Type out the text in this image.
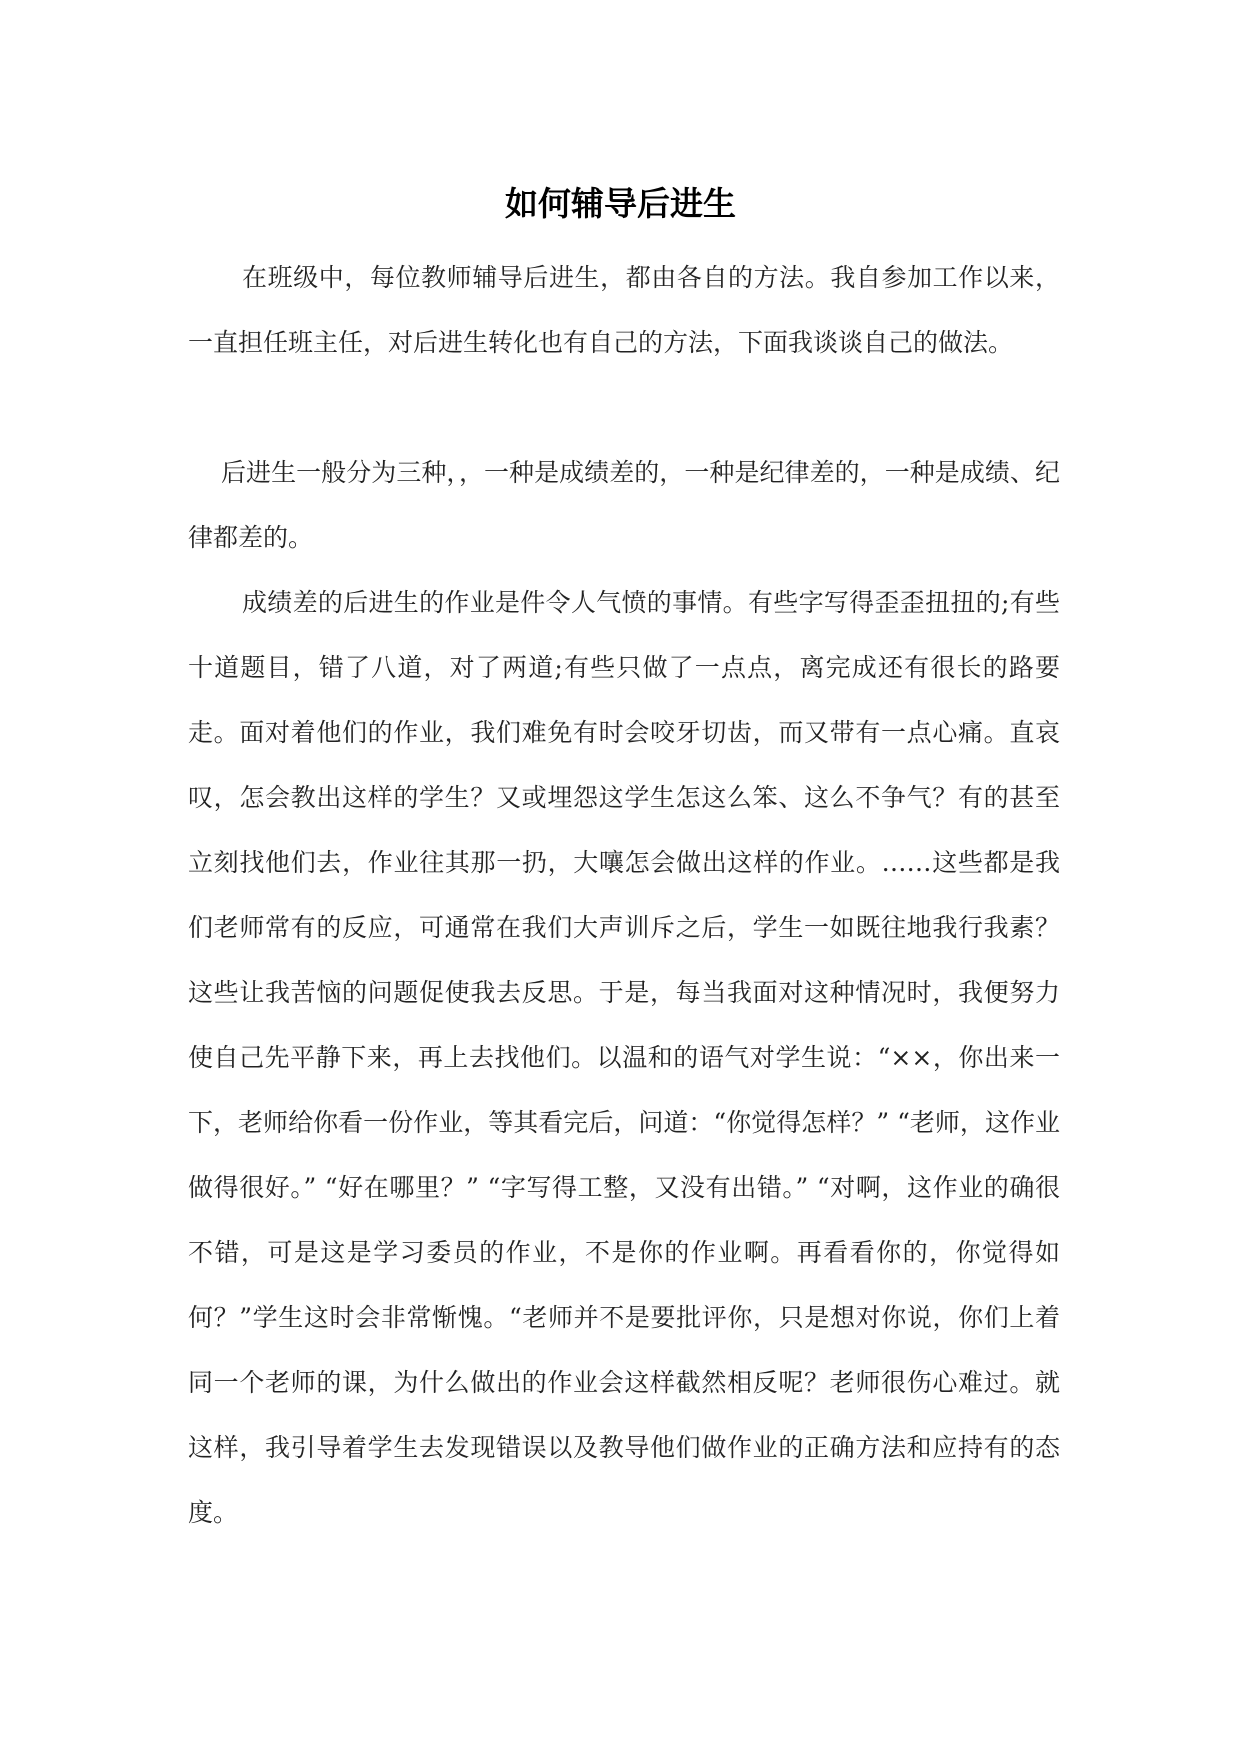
如何辅导后进生

在班级中，每位教师辅导后进生，都由各自的方法。我自参加工作以来，一直担任班主任，对后进生转化也有自己的方法，下面我谈谈自己的做法。

后进生一般分为三种，，一种是成绩差的，一种是纪律差的，一种是成绩、纪律都差的。

成绩差的后进生的作业是件令人气愤的事情。有些字写得歪歪扭扭的;有些十道题目，错了八道，对了两道;有些只做了一点点，离完成还有很长的路要走。面对着他们的作业，我们难免有时会咬牙切齿，而又带有一点心痛。直哀叹，怎会教出这样的学生？又或埋怨这学生怎这么笨、这么不争气？有的甚至立刻找他们去，作业往其那一扔，大嚷怎会做出这样的作业。……这些都是我们老师常有的反应，可通常在我们大声训斥之后，学生一如既往地我行我素？这些让我苦恼的问题促使我去反思。于是，每当我面对这种情况时，我便努力使自己先平静下来，再上去找他们。以温和的语气对学生说：“××，你出来一下，老师给你看一份作业，等其看完后，问道：“你觉得怎样？” “老师，这作业做得很好。” “好在哪里？” “字写得工整，又没有出错。” “对啊，这作业的确很不错，可是这是学习委员的作业，不是你的作业啊。再看看你的，你觉得如何？”学生这时会非常惭愧。“老师并不是要批评你，只是想对你说，你们上着同一个老师的课，为什么做出的作业会这样截然相反呢？老师很伤心难过。就这样，我引导着学生去发现错误以及教导他们做作业的正确方法和应持有的态度。
